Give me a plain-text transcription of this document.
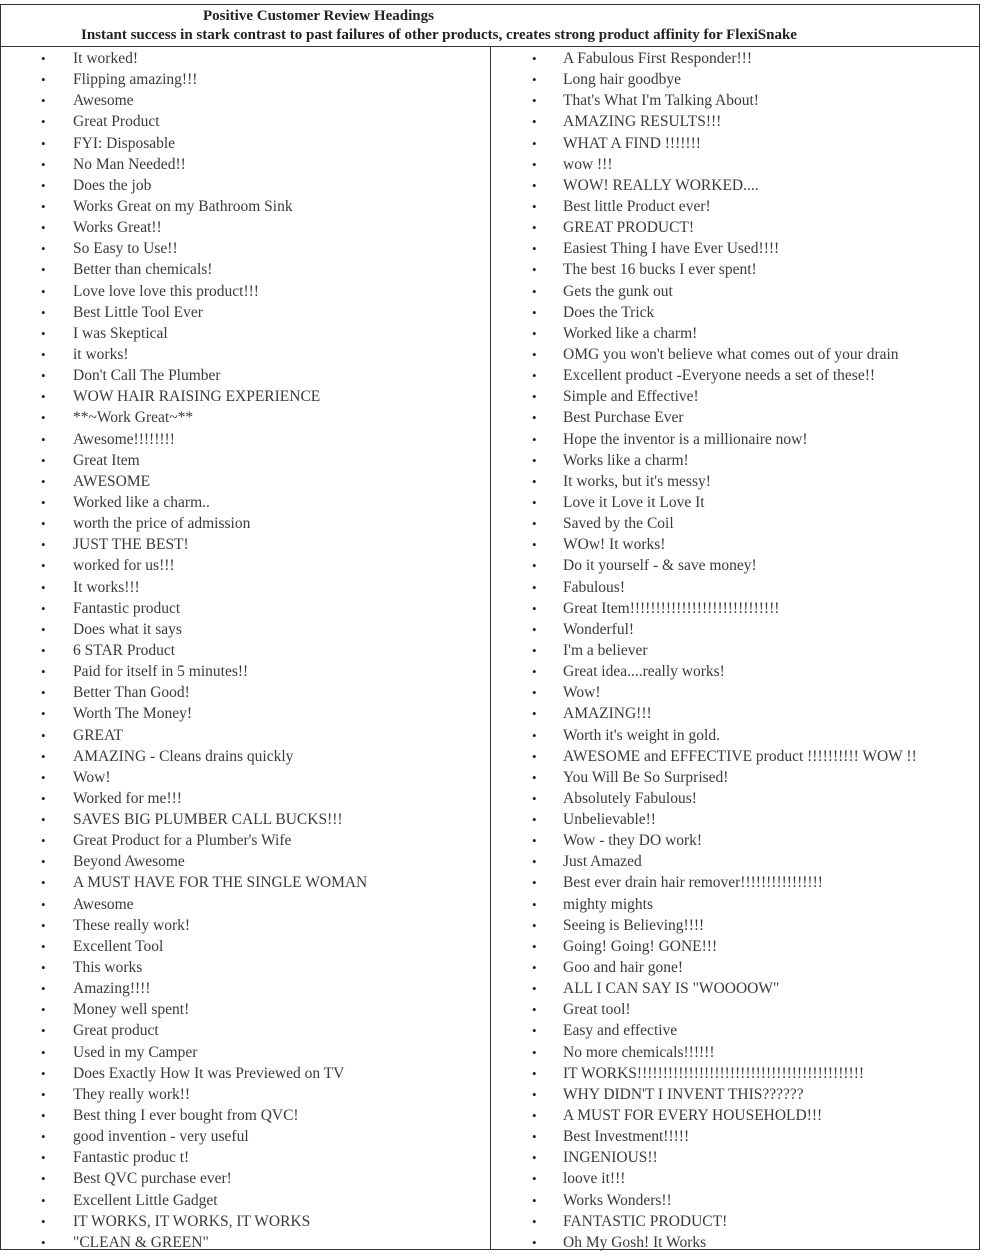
Positive Customer Review Headings
Instant success in stark contrast to past failures of other products, creates strong product affinity for FlexiSnake
• It worked!
• Flipping amazing!!!
• Awesome
• Great Product
• FYI: Disposable
• No Man Needed!!
• Does the job
• Works Great on my Bathroom Sink
• Works Great!!
• So Easy to Use!!
• Better than chemicals!
• Love love love this product!!!
• Best Little Tool Ever
• I was Skeptical
• it works!
• Don't Call The Plumber
• WOW HAIR RAISING EXPERIENCE
• **~Work Great~**
• Awesome!!!!!!!!
• Great Item
• AWESOME
• Worked like a charm..
• worth the price of admission
• JUST THE BEST!
• worked for us!!!
• It works!!!
• Fantastic product
• Does what it says
• 6 STAR Product
• Paid for itself in 5 minutes!!
• Better Than Good!
• Worth The Money!
• GREAT
• AMAZING - Cleans drains quickly
• Wow!
• Worked for me!!!
• SAVES BIG PLUMBER CALL BUCKS!!!
• Great Product for a Plumber's Wife
• Beyond Awesome
• A MUST HAVE FOR THE SINGLE WOMAN
• Awesome
• These really work!
• Excellent Tool
• This works
• Amazing!!!!
• Money well spent!
• Great product
• Used in my Camper
• Does Exactly How It was Previewed on TV
• They really work!!
• Best thing I ever bought from QVC!
• good invention - very useful
• Fantastic produc t!
• Best QVC purchase ever!
• Excellent Little Gadget
• IT WORKS, IT WORKS, IT WORKS
• "CLEAN & GREEN"
• A Fabulous First Responder!!!
• Long hair goodbye
• That's What I'm Talking About!
• AMAZING RESULTS!!!
• WHAT A FIND !!!!!!!
• wow !!!
• WOW! REALLY WORKED....
• Best little Product ever!
• GREAT PRODUCT!
• Easiest Thing I have Ever Used!!!!
• The best 16 bucks I ever spent!
• Gets the gunk out
• Does the Trick
• Worked like a charm!
• OMG you won't believe what comes out of your drain
• Excellent product -Everyone needs a set of these!!
• Simple and Effective!
• Best Purchase Ever
• Hope the inventor is a millionaire now!
• Works like a charm!
• It works, but it's messy!
• Love it Love it Love It
• Saved by the Coil
• WOw! It works!
• Do it yourself - & save money!
• Fabulous!
• Great Item!!!!!!!!!!!!!!!!!!!!!!!!!!!!!
• Wonderful!
• I'm a believer
• Great idea....really works!
• Wow!
• AMAZING!!!
• Worth it's weight in gold.
• AWESOME and EFFECTIVE product !!!!!!!!!! WOW !!
• You Will Be So Surprised!
• Absolutely Fabulous!
• Unbelievable!!
• Wow - they DO work!
• Just Amazed
• Best ever drain hair remover!!!!!!!!!!!!!!!!
• mighty mights
• Seeing is Believing!!!!
• Going! Going! GONE!!!
• Goo and hair gone!
• ALL I CAN SAY IS "WOOOOW"
• Great tool!
• Easy and effective
• No more chemicals!!!!!!
• IT WORKS!!!!!!!!!!!!!!!!!!!!!!!!!!!!!!!!!!!!!!!!!!!!
• WHY DIDN'T I INVENT THIS??????
• A MUST FOR EVERY HOUSEHOLD!!!
• Best Investment!!!!!
• INGENIOUS!!
• loove it!!!
• Works Wonders!!
• FANTASTIC PRODUCT!
• Oh My Gosh! It Works
